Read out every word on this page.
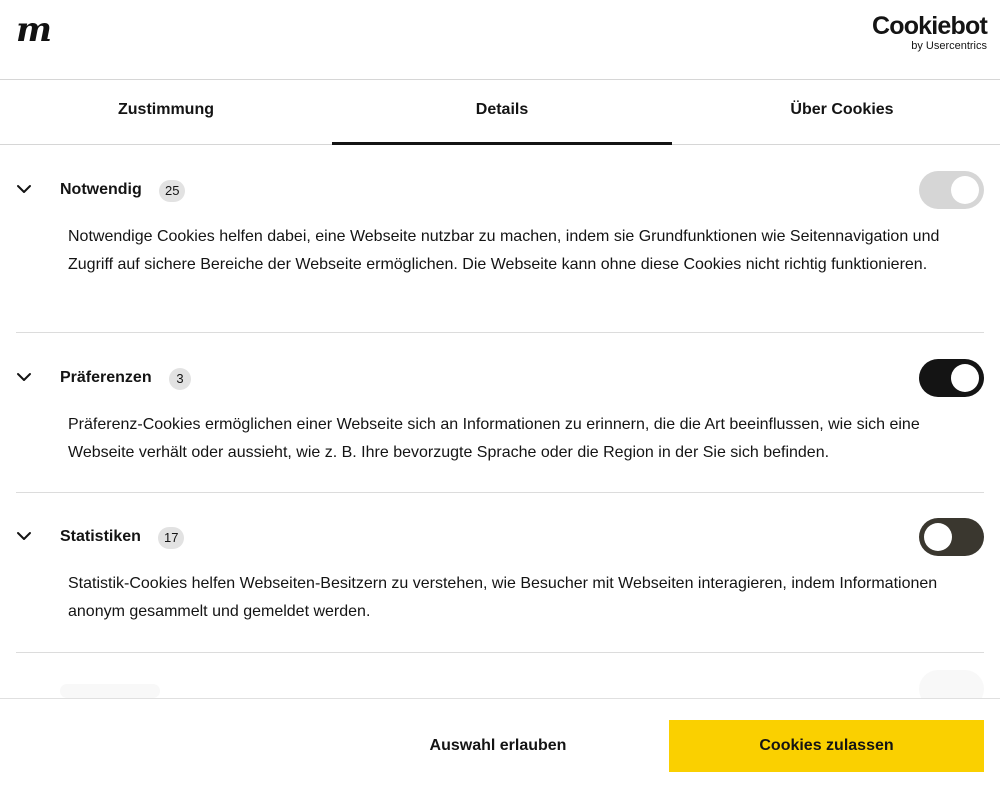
m	Cookiebot
by Usercentrics
Zustimmung	Details	Über Cookies
Notwendig	25
Notwendige Cookies helfen dabei, eine Webseite nutzbar zu machen, indem sie Grundfunktionen wie Seitennavigation und Zugriff auf sichere Bereiche der Webseite ermöglichen. Die Webseite kann ohne diese Cookies nicht richtig funktionieren.
Präferenzen	3
Präferenz-Cookies ermöglichen einer Webseite sich an Informationen zu erinnern, die die Art beeinflussen, wie sich eine Webseite verhält oder aussieht, wie z. B. Ihre bevorzugte Sprache oder die Region in der Sie sich befinden.
Statistiken	17
Statistik-Cookies helfen Webseiten-Besitzern zu verstehen, wie Besucher mit Webseiten interagieren, indem Informationen anonym gesammelt und gemeldet werden.
Auswahl erlauben	Cookies zulassen
